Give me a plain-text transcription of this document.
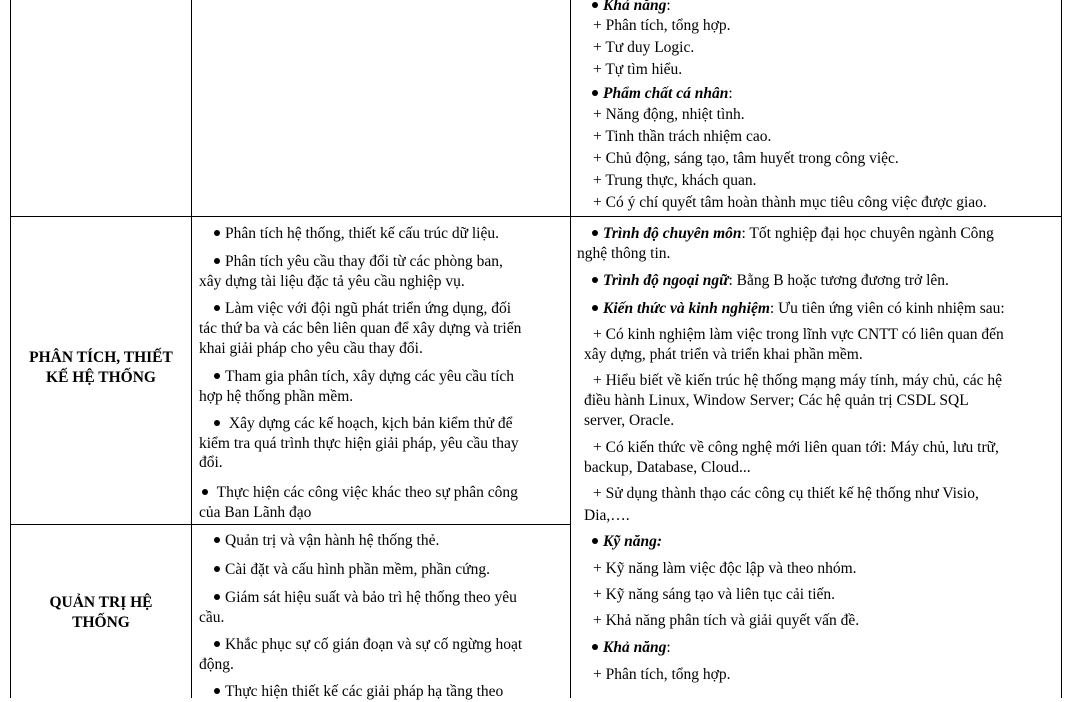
Khả năng:
+ Phân tích, tổng hợp.
+ Tư duy Logic.
+ Tự tìm hiểu.
Phẩm chất cá nhân:
+ Năng động, nhiệt tình.
+ Tinh thần trách nhiệm cao.
+ Chủ động, sáng tạo, tâm huyết trong công việc.
+ Trung thực, khách quan.
+ Có ý chí quyết tâm hoàn thành mục tiêu công việc được giao.
PHÂN TÍCH, THIẾT
KẾ HỆ THỐNG
Phân tích hệ thống, thiết kế cấu trúc dữ liệu.
Phân tích yêu cầu thay đổi từ các phòng ban,
xây dựng tài liệu đặc tả yêu cầu nghiệp vụ.
Làm việc với đội ngũ phát triển ứng dụng, đối
tác thứ ba và các bên liên quan để xây dựng và triển
khai giải pháp cho yêu cầu thay đổi.
Tham gia phân tích, xây dựng các yêu cầu tích
hợp hệ thống phần mềm.
Xây dựng các kế hoạch, kịch bản kiểm thử để
kiểm tra quá trình thực hiện giải pháp, yêu cầu thay
đổi.
Thực hiện các công việc khác theo sự phân công
của Ban Lãnh đạo
QUẢN TRỊ HỆ
THỐNG
Quản trị và vận hành hệ thống thẻ.
Cài đặt và cấu hình phần mềm, phần cứng.
Giám sát hiệu suất và bảo trì hệ thống theo yêu
cầu.
Khắc phục sự cố gián đoạn và sự cố ngừng hoạt
động.
Thực hiện thiết kế các giải pháp hạ tầng theo
Trình độ chuyên môn: Tốt nghiệp đại học chuyên ngành Công
nghệ thông tin.
Trình độ ngoại ngữ: Bằng B hoặc tương đương trở lên.
Kiến thức và kinh nghiệm: Ưu tiên ứng viên có kinh nhiệm sau:
+ Có kinh nghiệm làm việc trong lĩnh vực CNTT có liên quan đến
xây dựng, phát triển và triển khai phần mềm.
+ Hiểu biết về kiến trúc hệ thống mạng máy tính, máy chủ, các hệ
điều hành Linux, Window Server; Các hệ quản trị CSDL SQL
server, Oracle.
+ Có kiến thức về công nghệ mới liên quan tới: Máy chủ, lưu trữ,
backup, Database, Cloud...
+ Sử dụng thành thạo các công cụ thiết kế hệ thống như Visio,
Dia,….
Kỹ năng:
+ Kỹ năng làm việc độc lập và theo nhóm.
+ Kỹ năng sáng tạo và liên tục cải tiến.
+ Khả năng phân tích và giải quyết vấn đề.
Khả năng:
+ Phân tích, tổng hợp.
